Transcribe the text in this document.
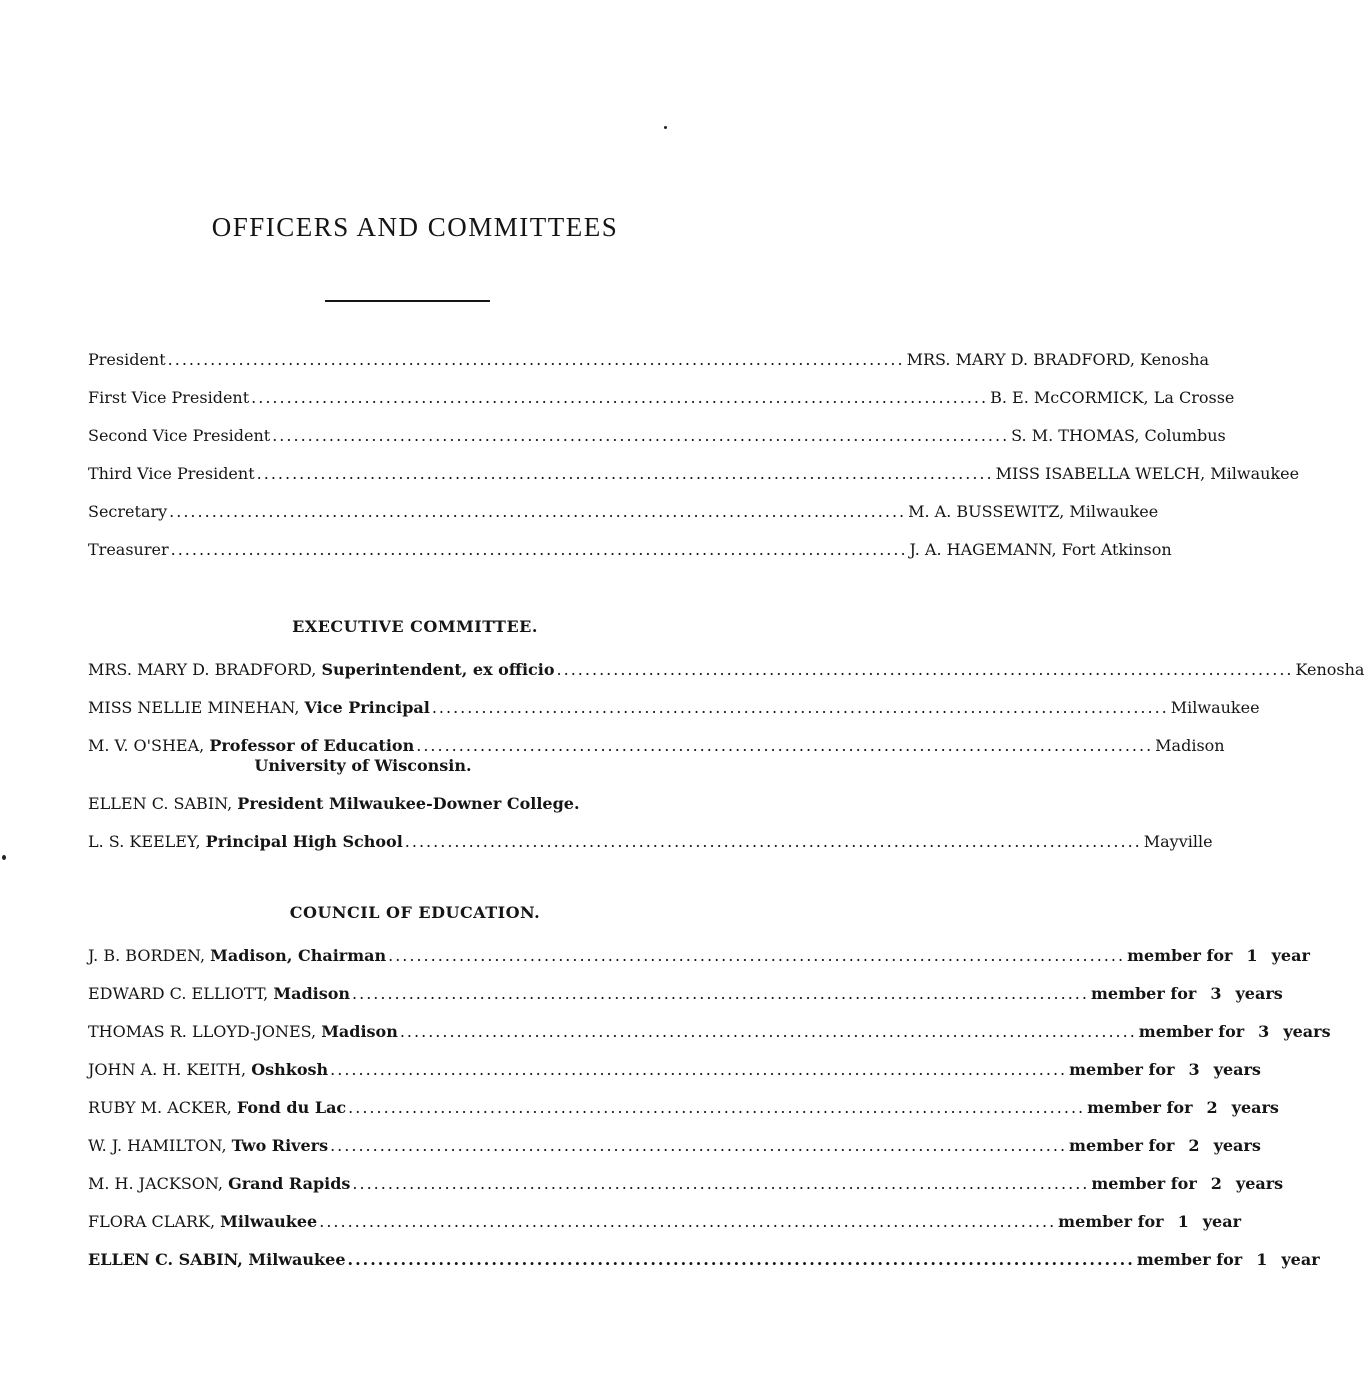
OFFICERS AND COMMITTEES
President ........................................................................................................ MRS. MARY D. BRADFORD, Kenosha
First Vice President ........................................................................................................ B. E. McCORMICK, La Crosse
Second Vice President ........................................................................................................ S. M. THOMAS, Columbus
Third Vice President ........................................................................................................ MISS ISABELLA WELCH, Milwaukee
Secretary ........................................................................................................ M. A. BUSSEWITZ, Milwaukee
Treasurer ........................................................................................................ J. A. HAGEMANN, Fort Atkinson
EXECUTIVE COMMITTEE.
MRS. MARY D. BRADFORD, Superintendent, ex officio ........................................................................................................ Kenosha
MISS NELLIE MINEHAN, Vice Principal ........................................................................................................ Milwaukee
M. V. O'SHEA, Professor of Education ........................................................................................................ Madison
University of Wisconsin.
ELLEN C. SABIN, President Milwaukee-Downer College.
L. S. KEELEY, Principal High School ........................................................................................................ Mayville
COUNCIL OF EDUCATION.
J. B. BORDEN, Madison, Chairman ........................................................................................................ member for 1 year
EDWARD C. ELLIOTT, Madison ........................................................................................................ member for 3 years
THOMAS R. LLOYD-JONES, Madison ........................................................................................................ member for 3 years
JOHN A. H. KEITH, Oshkosh ........................................................................................................ member for 3 years
RUBY M. ACKER, Fond du Lac ........................................................................................................ member for 2 years
W. J. HAMILTON, Two Rivers ........................................................................................................ member for 2 years
M. H. JACKSON, Grand Rapids ........................................................................................................ member for 2 years
FLORA CLARK, Milwaukee ........................................................................................................ member for 1 year
ELLEN C. SABIN, Milwaukee ........................................................................................................ member for 1 year
